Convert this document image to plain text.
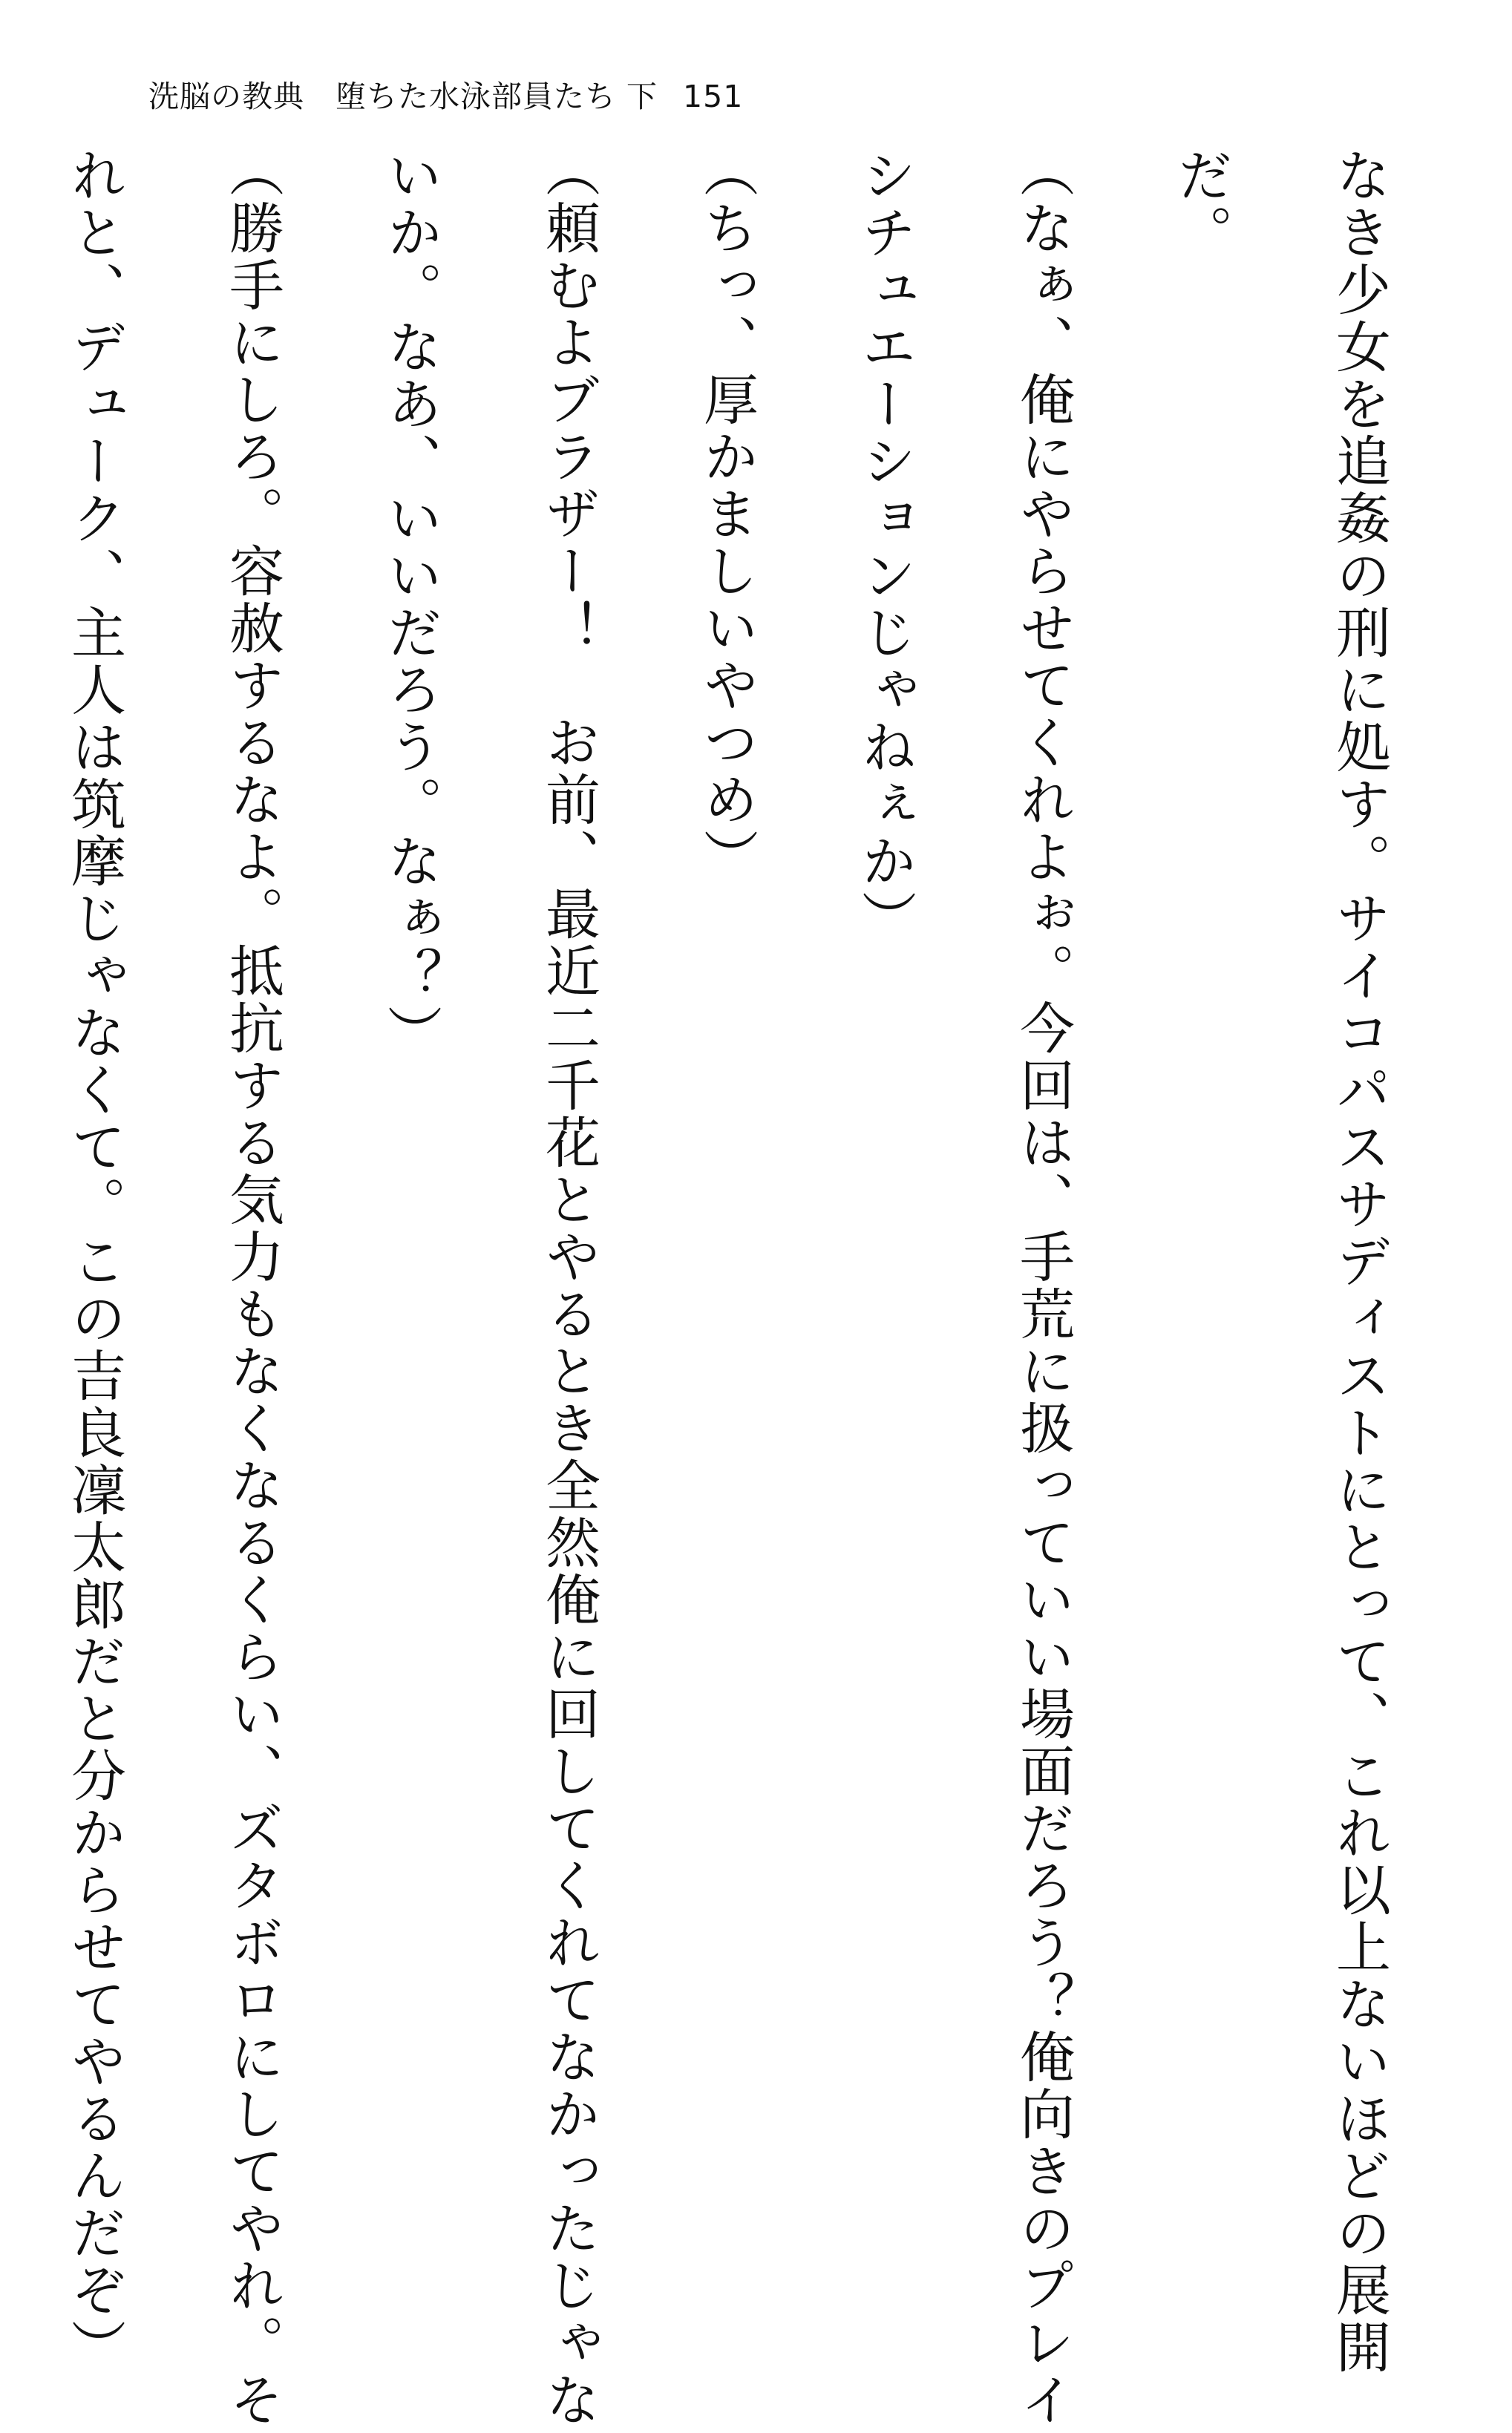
洗脳の教典　堕ちた水泳部員たち 下 151
なき少女を追姦の刑に処す。サイコパスサディストにとって、これ以上ないほどの展開
だ。
（なぁ、俺にやらせてくれよぉ。今回は、手荒に扱っていい場面だろう？俺向きのプレイ
シチュエーションじゃねぇか）
（ちっ、厚かましいやつめ）
（頼むよブラザー！　お前、最近二千花とやるとき全然俺に回してくれてなかったじゃな
いか。なあ、いいだろう。なぁ？）
（勝手にしろ。容赦するなよ。抵抗する気力もなくなるくらい、ズタボロにしてやれ。そ
れと、デューク、主人は筑摩じゃなくて。この吉良凜太郎だと分からせてやるんだぞ）
